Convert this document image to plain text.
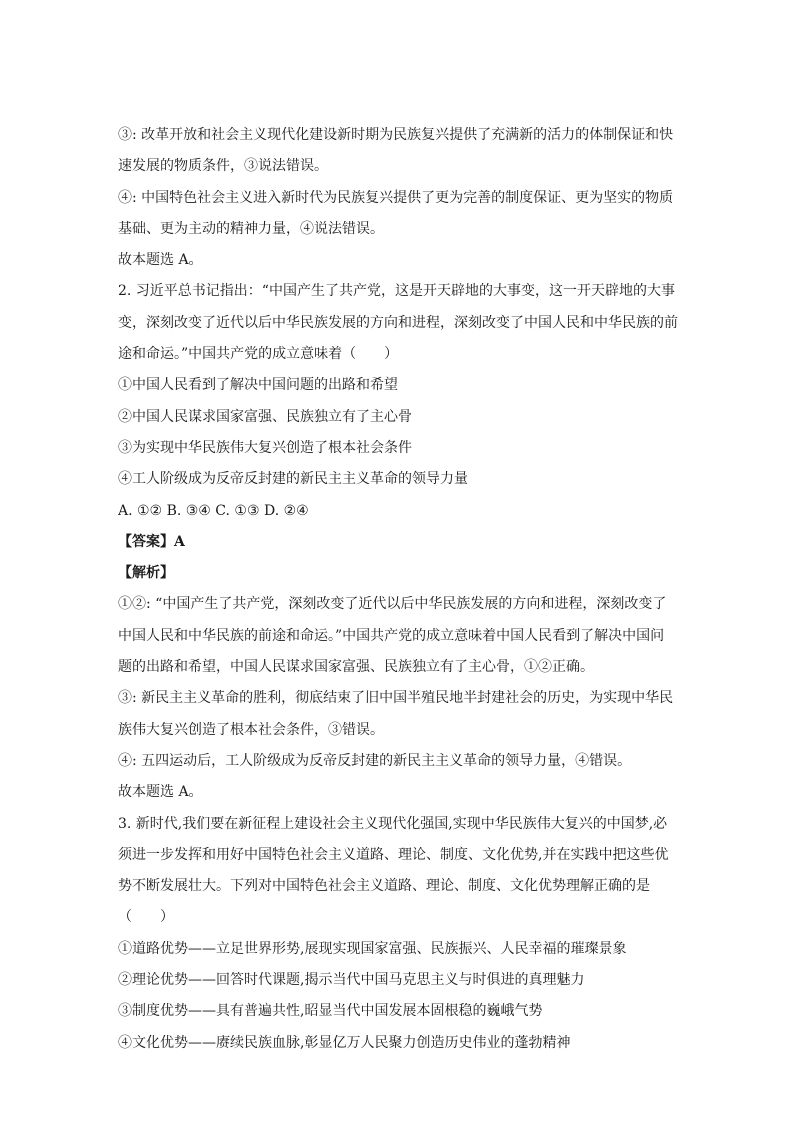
③: 改革开放和社会主义现代化建设新时期为民族复兴提供了充满新的活力的体制保证和快
速发展的物质条件，③说法错误。
④: 中国特色社会主义进入新时代为民族复兴提供了更为完善的制度保证、更为坚实的物质
基础、更为主动的精神力量，④说法错误。
故本题选 A。
2. 习近平总书记指出：“中国产生了共产党，这是开天辟地的大事变，这一开天辟地的大事
变，深刻改变了近代以后中华民族发展的方向和进程，深刻改变了中国人民和中华民族的前
途和命运。”中国共产党的成立意味着（　　）
①中国人民看到了解决中国问题的出路和希望
②中国人民谋求国家富强、民族独立有了主心骨
③为实现中华民族伟大复兴创造了根本社会条件
④工人阶级成为反帝反封建的新民主主义革命的领导力量
A. ①② B. ③④ C. ①③ D. ②④
【答案】A
【解析】
①②: “中国产生了共产党，深刻改变了近代以后中华民族发展的方向和进程，深刻改变了
中国人民和中华民族的前途和命运。”中国共产党的成立意味着中国人民看到了解决中国问
题的出路和希望，中国人民谋求国家富强、民族独立有了主心骨，①②正确。
③: 新民主主义革命的胜利，彻底结束了旧中国半殖民地半封建社会的历史，为实现中华民
族伟大复兴创造了根本社会条件，③错误。
④: 五四运动后，工人阶级成为反帝反封建的新民主主义革命的领导力量，④错误。
故本题选 A。
3. 新时代,我们要在新征程上建设社会主义现代化强国,实现中华民族伟大复兴的中国梦,必
须进一步发挥和用好中国特色社会主义道路、理论、制度、文化优势,并在实践中把这些优
势不断发展壮大。下列对中国特色社会主义道路、理论、制度、文化优势理解正确的是
（　　）
①道路优势——立足世界形势,展现实现国家富强、民族振兴、人民幸福的璀璨景象
②理论优势——回答时代课题,揭示当代中国马克思主义与时俱进的真理魅力
③制度优势——具有普遍共性,昭显当代中国发展本固根稳的巍峨气势
④文化优势——赓续民族血脉,彰显亿万人民聚力创造历史伟业的蓬勃精神
